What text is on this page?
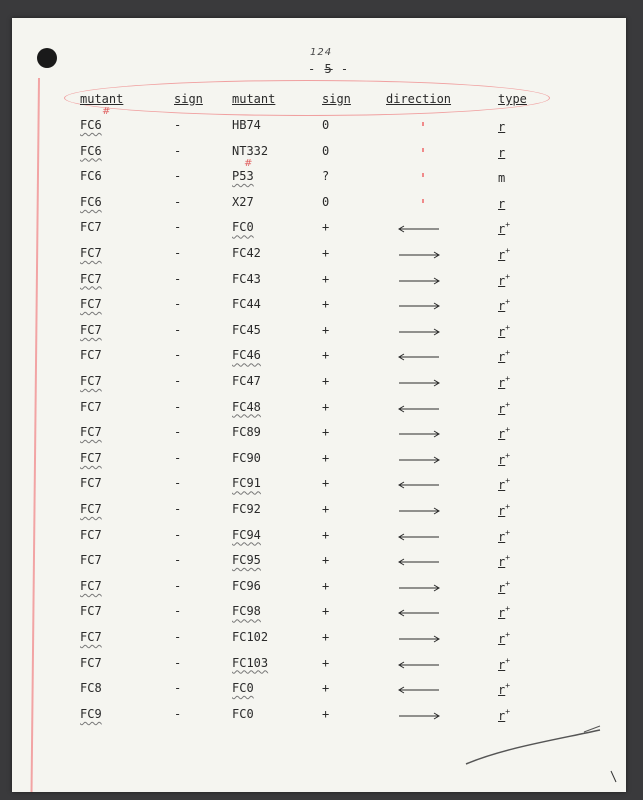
124
- 5 -
mutant	sign mutant	sign	direction	type
FC6	-	HB74	0	r
FC6	-	NT332	0	r
FC6	-	P53	?	m
FC6	-	X27	0	r
FC7	-	FC0	+	r+
FC7	-	FC42	+	r+
FC7	-	FC43	+	r+
FC7	-	FC44	+	r+
FC7	-	FC45	+	r+
FC7	-	FC46	+	r+
FC7	-	FC47	+	r+
FC7	-	FC48	+	r+
FC7	-	FC89	+	r+
FC7	-	FC90	+	r+
FC7	-	FC91	+	r+
FC7	-	FC92	+	r+
FC7	-	FC94	+	r+
FC7	-	FC95	+	r+
FC7	-	FC96	+	r+
FC7	-	FC98	+	r+
FC7	-	FC102	+	r+
FC7	-	FC103	+	r+
FC8	-	FC0	+	r+
FC9	-	FC0	+	r+
#
#
